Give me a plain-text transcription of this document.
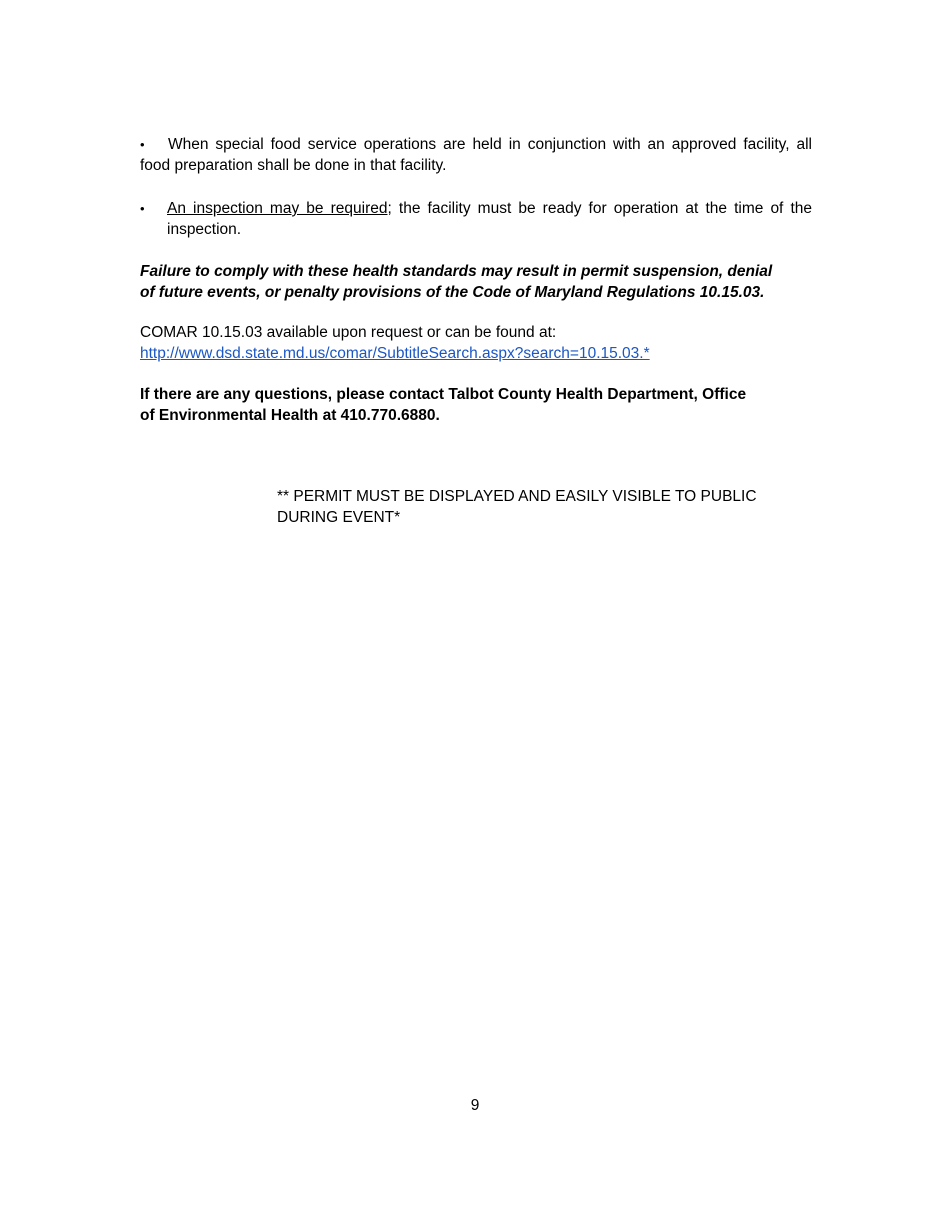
• When special food service operations are held in conjunction with an approved facility, all food preparation shall be done in that facility.
•	An inspection may be required; the facility must be ready for operation at the time of the inspection.
Failure to comply with these health standards may result in permit suspension, denial of future events, or penalty provisions of the Code of Maryland Regulations 10.15.03.
COMAR 10.15.03 available upon request or can be found at:
http://www.dsd.state.md.us/comar/SubtitleSearch.aspx?search=10.15.03.*
If there are any questions, please contact Talbot County Health Department, Office of Environmental Health at 410.770.6880.
** PERMIT MUST BE DISPLAYED AND EASILY VISIBLE TO PUBLIC DURING EVENT*
9
